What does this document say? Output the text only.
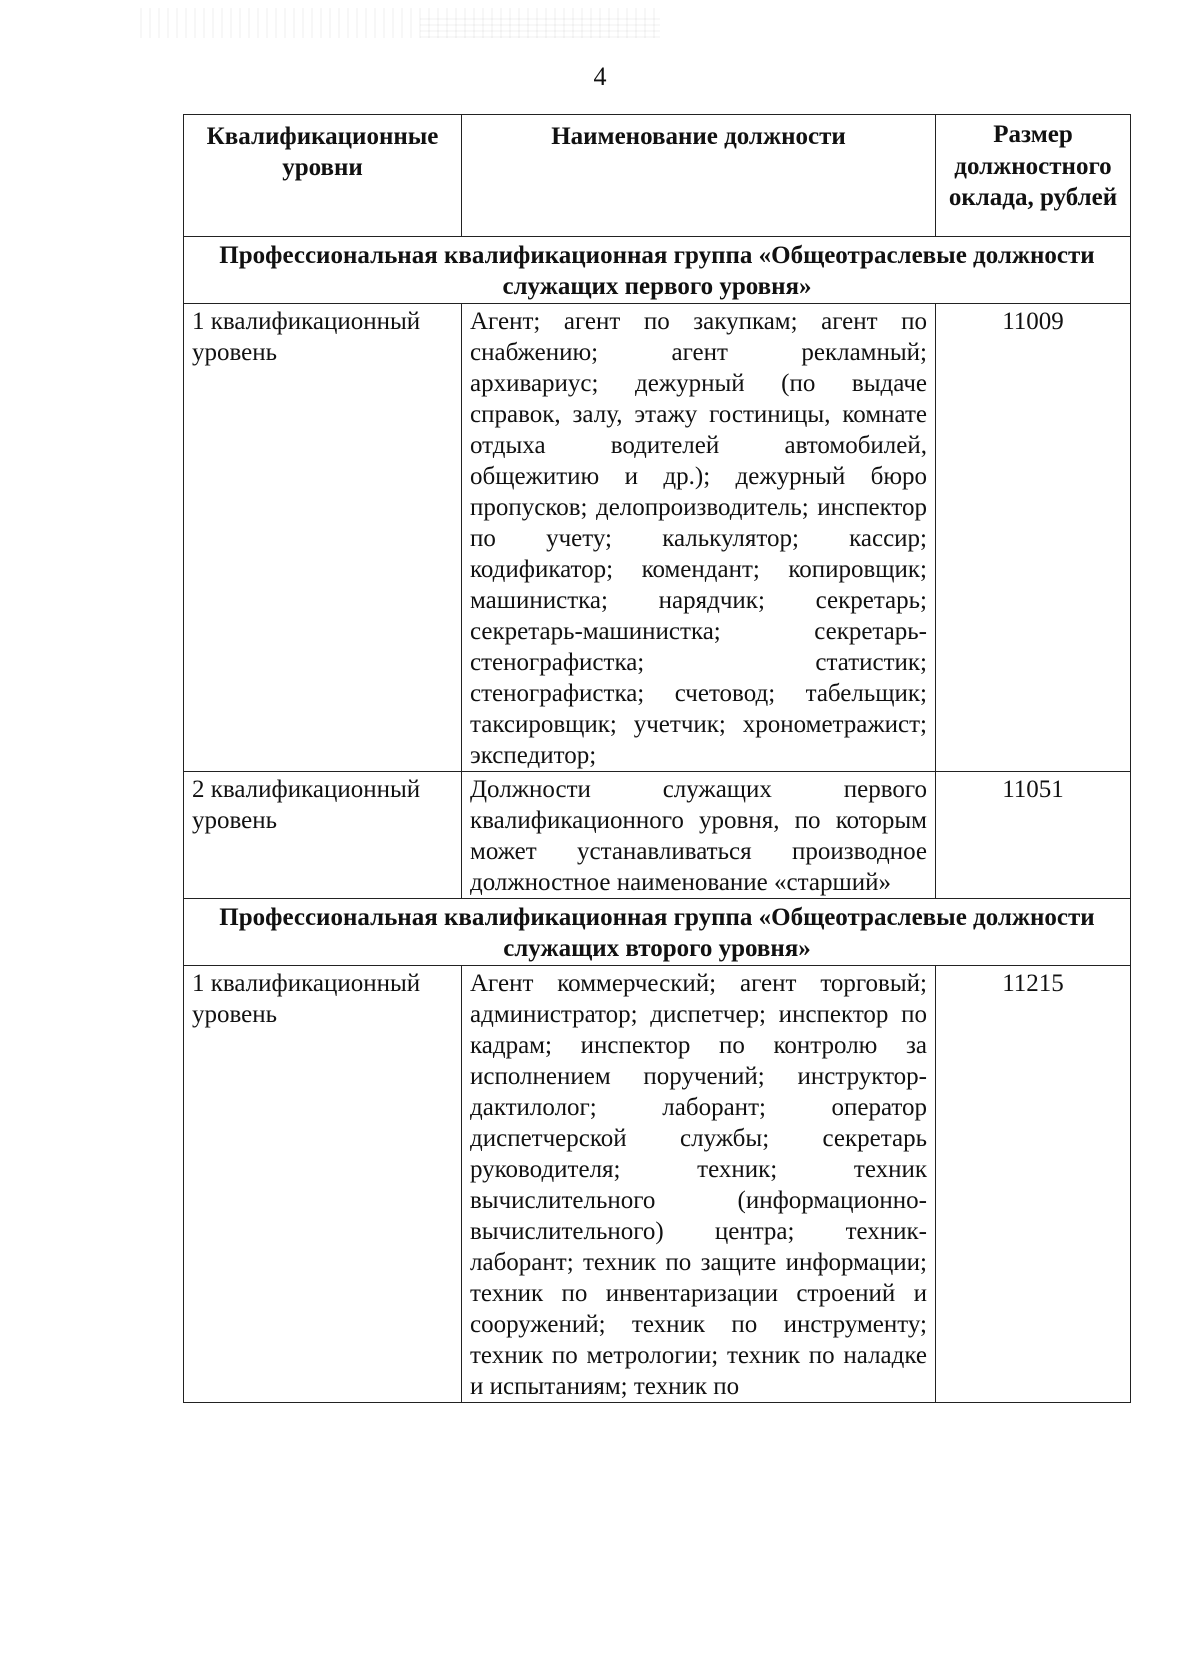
4
Квалификационные уровни	Наименование должности	Размер должностного оклада, рублей
Профессиональная квалификационная группа «Общеотраслевые должности служащих первого уровня»		
1 квалификационный уровень	Агент; агент по закупкам; агент по снабжению; агент рекламный; архивариус; дежурный (по выдаче справок, залу, этажу гостиницы, комнате отдыха водителей автомобилей, общежитию и др.); дежурный бюро пропусков; делопроизводитель; инспектор по учету; калькулятор; кассир; кодификатор; комендант; копировщик; машинистка; нарядчик; секретарь; секретарь-машинистка; секретарь-стенографистка; статистик; стенографистка; счетовод; табельщик; таксировщик; учетчик; хронометражист; экспедитор;	11009
2 квалификационный уровень	Должности служащих первого квалификационного уровня, по которым может устанавливаться производное должностное наименование «старший»	11051
Профессиональная квалификационная группа «Общеотраслевые должности служащих второго уровня»		
1 квалификационный уровень	Агент коммерческий; агент торговый; администратор; диспетчер; инспектор по кадрам; инспектор по контролю за исполнением поручений; инструктор-дактилолог; лаборант; оператор диспетчерской службы; секретарь руководителя; техник; техник вычислительного (информационно-вычислительного) центра; техник-лаборант; техник по защите информации; техник по инвентаризации строений и сооружений; техник по инструменту; техник по метрологии; техник по наладке и испытаниям; техник по	11215
